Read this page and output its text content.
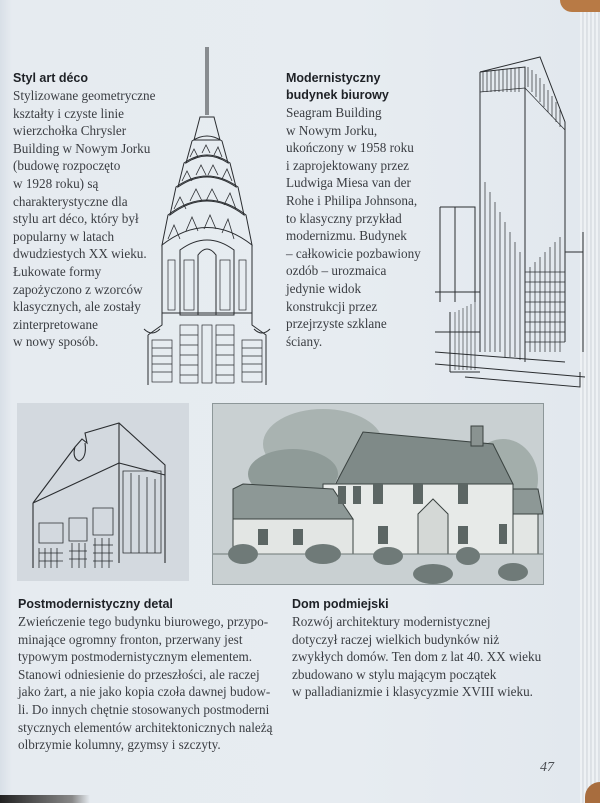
Styl art déco

Stylizowane geometryczne

kształty i czyste linie

wierzchołka Chrysler

Building w Nowym Jorku

(budowę rozpoczęto

w 1928 roku) są

charakterystyczne dla

stylu art déco, który był

popularny w latach

dwudziestych XX wieku.

Łukowate formy

zapożyczono z wzorców

klasycznych, ale zostały

zinterpretowane

w nowy sposób.

Modernistyczny
budynek biurowy

Seagram Building

w Nowym Jorku,

ukończony w 1958 roku

i zaprojektowany przez

Ludwiga Miesa van der

Rohe i Philipa Johnsona,

to klasyczny przykład

modernizmu. Budynek

– całkowicie pozbawiony

ozdób – urozmaica

jedynie widok

konstrukcji przez

przejrzyste szklane

ściany.

Postmodernistyczny detal

Zwieńczenie tego budynku biurowego, przypo-

minające ogromny fronton, przerwany jest

typowym postmodernistycznym elementem.

Stanowi odniesienie do przeszłości, ale raczej

jako żart, a nie jako kopia czoła dawnej budow-

li. Do innych chętnie stosowanych postmoderni

stycznych elementów architektonicznych należą

olbrzymie kolumny, gzymsy i szczyty.

Dom podmiejski

Rozwój architektury modernistycznej

dotyczył raczej wielkich budynków niż

zwykłych domów. Ten dom z lat 40. XX wieku

zbudowano w stylu mającym początek

w palladianizmie i klasycyzmie XVIII wieku.

47
